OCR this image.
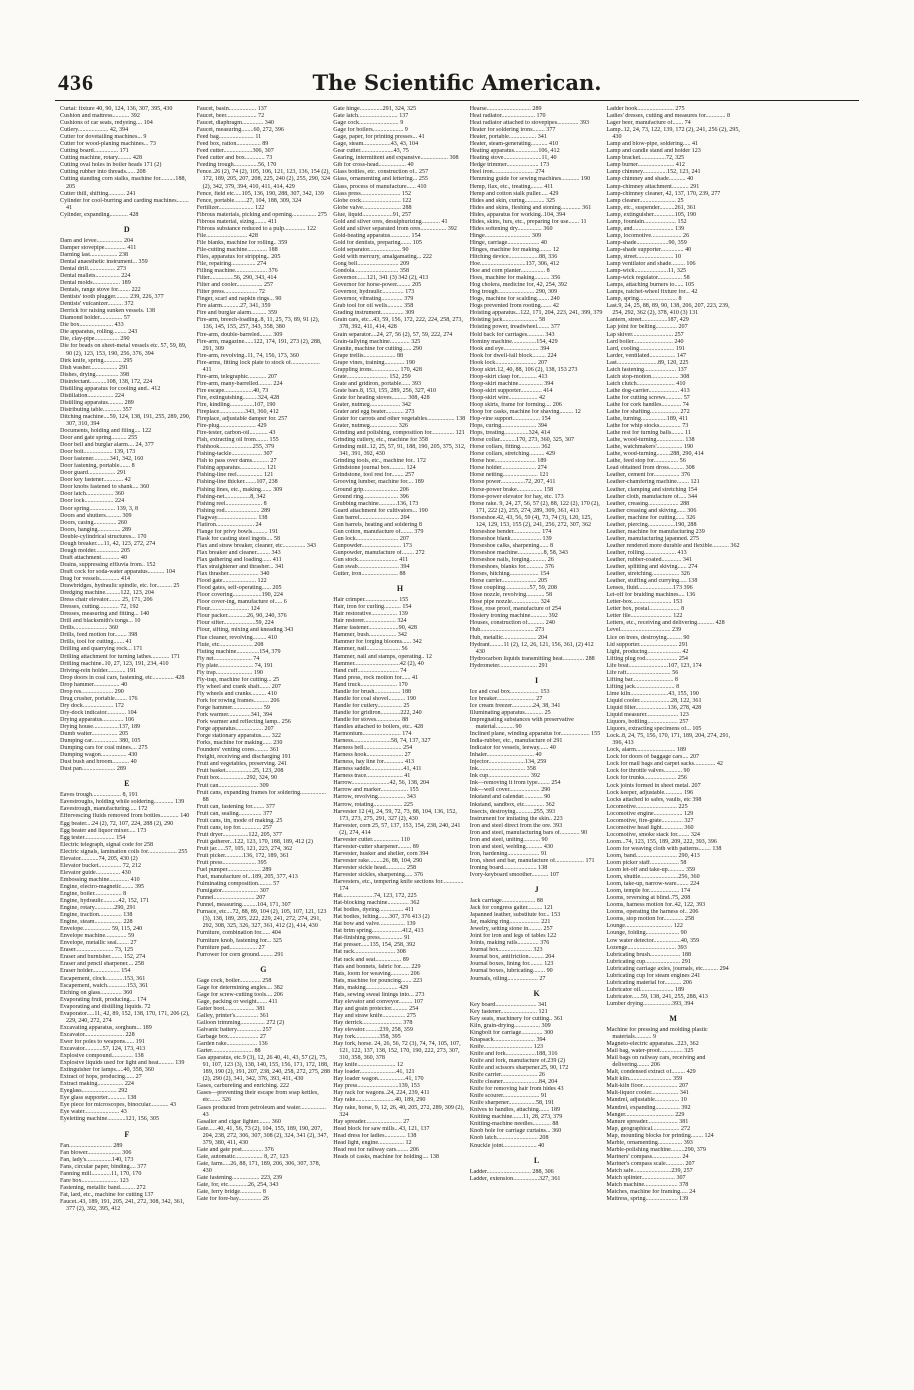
436	The Scientific American.
Curtai: fixture 40, 90, 124, 136, 307, 395, 430
Cushion and mattress........... 392
Cushions of car seats, redyeing.... 104
Cutlery.................... 42, 394
Cutter for dovetailing machines... 9
Cutter for wood-planing machines... 73
Cutting board................ 171
Cutting machine, rotary......... 428
Cutting oval holes in boiler heads 171 (2)
Cutting rubber into threads...... 208
Cutting standing corn stalks, machine for..........188, 205
Cutter thill, shifting........... 241
Cylinder for cool-burring and carding machines........ 41
Cylinder, expanding............ 428
D
Dam and levee................. 204
Damper stovepipe.............. 411
Darning last.................. 238
Dental anaesthetic instrument... 359
Dental drill.................. 273
Dental mallets................ 224
Dental molds.................. 189
Dentals, range stove for........ 222
Dentists' tooth plugger......... 239, 226, 377
Dentists' vulcanizer.......... 372
Derrick for raising sunken vessels. 138
Diamond holder............... 57
Die box...................... 433
Die apparatus, rolling......... 243
Die, clay-pipe................ 290
Die for beads on sheet-metal vessels etc. 57, 59, 89, 90 (2), 123, 153, 190, 256, 376, 394
Dirk knife, spring............ 295
Dish washer.................. 291
Dishes, drying............... 398
Disinfectant...........108, 138, 172, 224
Distilling apparatus for cooling and.. 412
Distillation................. 224
Distilling apparatus.......... 289
Distributing table............ 357
Ditching machine....59, 124, 138, 191, 255, 289, 290, 307, 310, 394
Documents, holding and filing.... 122
Door and gate spring.......... 255
Door bell and burglar alarm.... 24, 377
Door bolt................... 139, 173
Door fastener...........341, 342, 160
Door fastening, portable....... 8
Door guard.................. 291
Door key fastener............. 42
Door knobs fastened to shank.... 360
Door latch.................. 360
Door lock................... 224
Door spring................. 139, 3, 8
Doors and shutters.......... 309
Doors, casing............... 260
Doors, hanging............... 289
Double-cylindrical structures... 170
Dough breaker.....11, 42, 123, 272, 274
Dough molder................ 205
Draft attachment............ 40
Drains, suppressing effluvia from.. 152
Draft cock for soda-water apparatus........... 104
Drag for vessels............. 414
Drawbridges, hydraulic spindle, etc. for.......... 25
Dredging machine..........122, 123, 204
Dress chair elevator........ 25, 171, 206
Dresses, cutting............. 72, 192
Dresses, measuring and fitting... 140
Drill and blacksmith's tongs... 10
Drills...................... 360
Drills, feed motion for........ 398
Drills, tool for cutting....... 41
Drilling and quarrying rock... 171
Drilling attachment for turning lathes............ 171
Drilling machine..10, 27, 123, 191, 234, 410
Driving-rein holder............ 191
Drop doors in coal cars, fastening, etc.............. 428
Drop hammer................. 40
Drop res..................... 290
Drug crusher, portable........ 176
Dry dock.................... 172
Dry-dock indicator............. 104
Drying apparatus.............. 106
Drying house.................137, 189
Dumb waiter................. 205
Dumping car................. 380, 105
Dumping cars for coal mines.... 275
Dumping wagon................. 430
Dust bush and broom........... 40
Dust pan...................... 289
E
Eaves trough................... 8, 191
Eavestroughs, holding while soldering............. 139
Eavestrough, manufacturing..... 172
Effervescing fluids removed from bottles............ 140
Egg beater....24 (2), 72, 107, 224, 288 (2), 290
Egg beater and liquor mixer..... 173
Egg tester.................... 154
Electric telegraph, signal code for 258
Electric signals, lamination coils for................... 255
Elevator............74, 205, 430 (2)
Elevator bucket............... 72, 212
Elevator guide................ 430
Embossing machine............. 410
Engine, electro-magnetic........ 395
Engine, boiler.................. 8
Engine, hydraulic..........42, 152, 171
Engine, rotary.............290, 291
Engine, traction............... 138
Engine, steam.................. 228
Envelope.................. 59, 115, 240
Envelope machine.............. 59
Envelope, metallic seal........ 27
Eraser......................... 73, 125
Eraser and burnisher........ 152, 274
Eraser and pencil sharpener.... 258
Eraser holder.................. 154
Escapement, clock............153, 361
Escapement, watch.............153, 361
Etching on glass.............. 360
Evaporating fruit, producing.... 174
Evaporating and distilling liquids. 72
Evaporator.....11, 42, 89, 152, 138, 170, 171, 206 (2), 229, 240, 272, 274
Excavating apparatus, sorghum... 189
Excavator.......................... 228
Ewer for poles to weapons...... 191
Excavator............57, 124, 173, 413
Explosive compound.............. 138
Explosive liquids used for light and heat.......... 139
Extinguisher for lamps.....40, 358, 360
Extract of hops, producing...... 27
Extract making................. 224
Eyeglass....................... 292
Eye glass supporter............ 138
Eye piece for microscopes, binocular............ 43
Eye water....................... 43
Eyeletting machine............121, 156, 305
F
Fan............................ 289
Fan blower...................... 306
Fan, lady's.................140, 173
Fans, circular paper, binding.... 377
Fanning mill.............11, 170, 170
Fare box........................ 123
Fastening, metallic band.......... 272
Fat, lard, etc., machine for cutting 137
Faucet..43, 189, 191, 205, 241, 272, 308, 342, 361, 377 (2), 392, 395, 412
Faucet, basin.................. 137
Faucet, beer.................... 72
Faucet, diaphragm.............. 340
Faucet, measuring........60, 272, 396
Feed bag....................... 11
Feed box, ration................ 89
Feed cutter...................306, 307
Feed cutter and box............. 73
Feeding trough................56, 170
Fence..26 (2), 74 (2), 105, 106, 121, 123, 136, 154 (2), 172, 189, 205, 207, 208, 225, 240 (2), 255, 290, 324 (2), 342, 379, 394, 410, 411, 414, 429
Fence, field etc.....105, 136, 190, 288, 307, 342, 139
Fence, portable........27, 104, 188, 309, 324
Fertilizer....................... 122
Fibrous materials, picking and opening................ 275
Fibrous material, sizing........ 411
Fibrous substance reduced to a pulp.............. 122
File........................... 428
File blanks, machine for rolling.. 359
File-cutting machine............. 188
Files, apparatus for stripping.. 205
File, repairing................ 274
Filling machine..................... 376
Filter................56, 290, 343, 414
Filter and cooler................. 257
Filter press...................... 72
Finger, scarf and napkin rings... 90
Fire alarm............27, 341, 359
Fire and burglar alarm.......... 359
Fire-arm, breech-loading..8, 11, 25, 73, 89, 91 (2), 136, 145, 155, 257, 343, 358, 380
Fire-arm, double-barreled........ 309
Fire-arm, magazine......122, 174, 191, 273 (2), 288, 291, 309
Fire-arm, revolving..11, 74, 156, 173, 360
Fire-arms, fitting lock plate to stock of................... 411
Fire-arm, telegraphic............ 207
Fire-arm, many-barrelled......... 224
Fire escape...................40, 73
Fire, extinguishing..........324, 428
Fire, kindling................107, 190
Fireplace.................343, 360, 412
Fireplace, adjustable damper for. 257
Fire-plug........................ 429
Fire-tester, carbon-oil............ 43
Fish, extracting oil from........ 155
Fishhook......................255, 379
Fishing-tackle.................... 307
Fish to pass over dams........... 27
Fishing apparatus................. 121
Fishing-line reel................. 121
Fishing-line thicker........107, 238
Fishing lines, etc., making....... 309
Fishing-net.................8, 342
Fishing reel........................ 8
Fishing rod....................... 289
Flagway.......................... 138
Flatiron......................... 24
Flange for privy bowls.......... 191
Flask for casting steel ingots.... 58
Flax and straw breaker, cleaner, etc............... 343
Flax breaker and cleaner......... 343
Flax gathering and loading...... 411
Flax straightener and thrasher... 341
Flax thrasher.................... 340
Flood gate...................... 122
Flood gates, self-operating...... 205
Floor covering...................190, 224
Floor cover-ing, manufacture of..... 6
Flour.......................... 124
Flour packer.............26, 90, 240, 376
Flour sifter.....................59, 224
Flour, sifting, mixing and kneading 343
Flue cleaner, revolving......... 410
Flute, etc...................... 208
Fluting machine...............154, 379
Fly net......................... 74
Fly plate....................... 74, 191
Fly trap........................ 190
Fly-trap, machine for cutting... 25
Fly wheel and crank shaft....... 207
Fly wheels and cranks.......... 410
Fork for rowing frames.......... 206
Forge hammer.................... 59
Fork warmer...............341, 394
Fork warmer and reflecting lamp.. 256
Forge apparatus.................. 207
Forge stationary apparatus...... 322
Forks, machine for making...... 230
Founders' venting cores......... 361
Freight, receiving and discharging 191
Fruit and vegetables, preserving. 241
Fruit basket..................25, 123, 208
Fruit box..................292, 324, 90
Fruit can.......................... 309
Fruit cans, expanding frames for soldering................. 88
Fruit can, fastening for........ 377
Fruit can, sealing............... 377
Fruit cans, tin, mode of making. 25
Fruit cans, top for.............. 257
Fruit dryer.................122, 205, 377
Fruit gatherer...122, 123, 170, 188, 189, 412 (2)
Fruit jar......57, 105, 121, 223, 274, 362
Fruit picker............136, 172, 189, 361
Fruit press...................... 395
Fuel pumper...................... 289
Fuel, manufacture of...189, 205, 377, 413
Fulminating composition......... 57
Fumigator........................ 307
Funnel........................... 207
Funnel, measuring..........104, 171, 307
Furnace, etc....72, 88, 89, 104 (2), 105, 107, 121, 123 (3), 138, 189, 205, 222, 229, 241, 272, 274, 291, 292, 308, 325, 326, 327, 361, 412 (2), 414, 430
Furniture, combination for...... 404
Furniture knob, fastening for... 325
Furniture pad.................. 27
Furrower for corn ground......... 291
G
Gage cock, boiler.............. 258
Gage for determining angles.... 382
Gage for screw-cutting tools.... 206
Gage, packing or weight....... 411
Gaiter boot.................... 381
Galley, printer's............... 361
Galloon trimming................ 272 (2)
Galvanic battery................ 257
Garbage box.................... 27
Garden rake.................... 136
Garter........................... 88
Gas apparatus, etc.9 (3), 12, 26 40, 41, 43, 57 (2), 75, 91, 107, 123 (3), 138, 140, 155, 156, 171, 172, 188, 189, 190 (2), 191, 207, 238, 240, 258, 272, 275, 288 (2), 290 (2), 341, 342, 376, 393, 411, 430
Gases, carbureting and enriching. 222
Gases—preventing their escape from soap kettles, etc....... 326
Gases produced from petroleum and water................. 43
Gasalier and cigar lighter........ 360
Gate......40, 41, 56, 73 (2), 104, 155, 189, 190, 207, 204, 238, 272, 306, 307, 308 (2), 324, 341 (2), 347, 379, 380, 411, 430
Gate and gate post.............. 376
Gate, automatic.................. 8, 27, 123
Gate, farm.....26, 88, 171, 189, 206, 306, 307, 378, 430
Gate fastening.................. 223, 239
Gate, for, etc.............26, 254, 343
Gate, ferry bridge.............. 8
Gate for fore-bay............... 26
Gate hinge...............291, 324, 325
Gate latch.......................... 137
Gage cock.......................... 9
Gage for boilers.................... 9
Gage, paper, for printing presses... 41
Gage, steam..................43, 43, 104
Gear cutter......................43, 75
Gearing, intermittent and expansive.................. 308
Gib for cross-head.................. 40
Glass bottles, etc. construction of.. 257
Glass, ornamenting and lettering... 255
Glass, process of manufacture...... 410
Glass press.......................... 152
Globe cock.......................... 122
Globe valve......................... 288
Glue, liquid....................91, 257
Gold and silver ores, desulphurizing............ 41
Gold and silver separated from ores................. 392
Gold-beating apparatus............. 154
Gold for dentists, preparing....... 105
Gold separator..................... 90
Gold with mercury, amalgamating... 222
Gong bell........................... 209
Gondola............................. 358
Governor.......121, 341 (3) 342 (2), 413
Governor for horse-power......... 205
Governor, hydraulic.............. 173
Governor, vibrating.............. 379
Grab tool for oil wells.......... 358
Grading instrument............... 309
Grain cars, etc...43, 59, 156, 172, 222, 224, 258, 273, 378, 392, 411, 414, 428
Grain separator....24, 27, 56 (2), 57, 59, 222, 274
Grain-tallying machine............. 325
Granite, machine for cutting...... 290
Grape trellis..................... 88
Grape vines, training............. 190
Grappling irons.................. 170, 428
Grate........................... 152, 259
Grate and gridiron, portable...... 393
Grate bars.8, 153, 155, 289, 256, 327, 410
Grate for heating stoves.......... 308, 428
Grater, nutmeg.................... 342
Grater and egg beater............ 273
Grater for carrots and other vegetables.................. 138
Grater, nutmeg.................. 326
Grinding and polishing, composition for............... 121
Grinding cutlery, etc., machine for 358
Grinding mill..12, 25, 57, 91, 188, 190, 205, 375, 312, 341, 391, 392, 430
Grinding tools, etc., machine for.. 172
Grindstone journal box.......... 124
Grindstone, tool rest for........ 257
Grooving lumber, machine for.... 189
Ground grip....................... 206
Ground ring....................... 396
Grubbing machine............136, 173
Guard attachment for cultivators... 190
Gun barrel.......................... 204
Gun barrels, heating and soldering 8
Gun cotton, manufacture of........ 379
Gun lock............................ 207
Gunpowder.......................... 173
Gunpowder, manufacture of........ 272
Gun stock.......................... 411
Gun swab........................... 394
Gutter, iron........................ 88
H
Hair crimper...................... 155
Hair, iron for curling........... 154
Hair restorative................. 139
Hair restorer..................... 324
Hame fastener....................90, 428
Hammer, bush.................. 342
Hammer for forging blooms...... 342
Hammer, nail...................... 56
Hammer, nail and stamps, operating.. 12
Hammer..............................42 (2), 40
Hand cuff........................... 74
Hand press, rock motion for...... 41
Hand truck........................ 170
Handle for brush................. 188
Handle for coal shovel........... 190
Handle for cutlery................ 25
Handle for gridiron.............222, 240
Handle for stoves................ 88
Handles attached to boilers, etc.. 428
Harmonium......................... 174
Harness.........................58, 74, 137, 327
Harness bell......................... 254
Harness hook........................ 27
Harness, hay line for............. 413
Harness saddle......................41, 411
Harness trace........................ 41
Harrow.........................42, 56, 138, 204
Harrow and marker.................. 155
Harrow, revolving.................. 343
Harrow, rotating................... 225
Harvester 12 (4), 24, 59, 72, 73, 88, 104, 136, 152, 173, 273, 275, 291, 327 (2), 430
Harvester, corn 25, 57, 137, 153, 154, 238, 240, 241 (2), 274, 414
Harvester cutter.................. 110
Harvester-cutter sharpener......... 89
Harvester, husker and sheller, corn 394
Harvester rake.........26, 88, 104, 290
Harvester sickle head............. 258
Harvester sickles, sharpening..... 376
Harvesters, etc., tempering knife sections for.............. 174
Hat.....................74, 123, 172, 225
Hat-blocking machine.............. 362
Hat bodies, dyeing................ 411
Hat bodies, felting.......307, 376 413 (2)
Hat bow and valve................. 139
Hat brim spring....................412, 413
Hat-finishing press............... 91
Hat presser......135, 154, 258, 392
Hat rack........................... 308
Hat rack and seat................. 89
Hats and bonnets, fabric for...... 229
Hats, loom for weaving............ 206
Hats, machine for pouncing....... 223
Hats, making..................... 429
Hats, sewing sweat linings into... 273
Hay elevator and conveyor......... 107
Hay and grain protector........... 254
Hay and straw knife............... 275
Hay derrick.......................... 378
Hay elevator..........239, 258, 359
Hay fork................358, 395
Hay fork, horse. 24, 26, 56, 72 (3), 74, 74, 105, 107, 121, 122, 137, 138, 152, 170, 190, 222, 273, 307, 310, 358, 360, 378
Hay knife......................... 12
Hay loader........................41, 121
Hay loader wagon..................41, 170
Hay press...........................139, 153
Hay rack for wagons..24, 224, 239, 411
Hay rake..........................40, 189, 290
Hay rake, horse, 9, 12, 26, 40, 205, 272, 289, 309 (2), 324
Hay spreader........................ 27
Head block for saw mills...43, 121, 137
Head dress for ladies.............. 138
Head light, engine................. 12
Head rest for railway cars........ 206
Heads of casks, machine for holding.... 138
Hearse............................. 289
Heat radiator...................... 170
Heat radiator attached to stovepipes.............. 393
Heater for soldering irons........ 377
Heater, portable.................. 341
Heater, steam-generating........... 410
Heating apparatus................106, 412
Heating stove.........................11, 40
Hedge trimmer..................... 173
Heel iron........................... 274
Hemming guide for sewing machines............ 190
Hemp, flax, etc., treating........ 411
Hemp and cotton stalk puller..... 429
Hides and skin, curing............. 325
Hides and skins, fleshing and stoning............. 361
Hides, apparatus for working..104, 394
Hides, skins, furs, etc., preparing for use....... 11
Hides softening dry................ 360
Hinge.............................. 309
Hinge, carriage..................... 40
Hinges, machine for making........ 12
Hitching device....................88, 336
Hoe..............................137, 306, 412
Hoe and corn planter................ 8
Hoes, machine for making.......... 356
Hog cholera, medicine for, 42, 254, 392
Hog trough........................ 290, 309
Hogs, machine for scalding........ 240
Hogs prevented from rooting....... 42
Hoisting apparatus...122, 171, 204, 223, 241, 399, 379
Hoisting jack....................... 58
Hoisting power, treadwheel........ 377
Hold back for carriages........... 343
Hominy machine................154, 429
Hook and eye....................... 394
Hook for dwell-fall block......... 224
Hook lock........................... 207
Hoop skirt.12, 40, 88, 106 (2), 138, 153 273
Hoop-skirt clasp for............ 413
Hoop-skirt machine................ 394
Hoop-skirt supporter.............. 414
Hoop-skirt wire................... 42
Hoop skirts, frame for forming.... 206
Hoop for casks, machine for shaving......... 12
Hop-vine support.................. 154
Hops, curing....................... 394
Hops, treating................324, 414
Horse collar...........170, 273, 360, 325, 307
Horse collars, fitting............. 362
Horse collars, stretching.......... 429
Horse hoe........................... 189
Horse holder....................... 274
Horse netting....................... 121
Horse power................72, 207, 411
Horse-power brake................. 158
Horse-power elevator for hay, etc. 173
Horse rake. 9, 24, 27, 56, 57 (2), 88, 122 (2), 170 (2), 171, 222 (2), 255, 274, 289, 309, 361, 413
Horseshoe.42, 43, 56, 59 (4), 73, 74 (3), 120, 125, 124, 129, 153, 155 (2), 241, 256, 272, 307, 362
Horseshoe bender.................. 174
Horseshoe blank.................... 139
Horseshoe calks, sharpening...... 8
Horseshoe machine.................8, 58, 343
Horseshoe nails, forging........... 26
Horseshoes, blanks for............ 376
Horses, hitching................... 154
Horse carrier....................... 205
Hose coupling................57, 59, 208
Hose nozzle, revolving............ 58
Hose pipe nozzle.................. 324
Hose, rose proof, manufacture of 254
Hosiery ironing machine........... 392
Houses, construction of........... 240
Hub................................... 273
Hub, metallic...................... 204
Hydrant.........11 (2), 12, 26, 121, 156, 361, (2) 412 430
Hydrocarbon liquids transmitting heat.............. 288
Hydrometer......................... 291
I
Ice and coal box................... 153
Ice breaker......................... 27
Ice cream freezer..............24, 38, 341
Illuminating apparatus............ 25
Impregnating substances with preservative material............ 90
Inclined plane, winding apparatus for................... 155
India-rubber, etc., manufacture of 291
Indicator for vessels, leeway...... 40
Inhaler............................... 40
Injector........................134, 259
Ink............................... 358
Ink cup........................... 392
Ink—removing it from type........ 254
Ink—well cover.................... 290
Inkstand and calendar............. 90
Inkstand, sandbox, etc............. 362
Insects, destroying............255, 393
Instrument for imitating the skin.. 223
Iron and steel direct from the ore. 393
Iron and steel, manufacturing bars of............. 90
Iron and steel, uniting........... 90
Iron and steel, welding........... 430
Iron, hardening..................... 91
Iron, sheet and bar, manufacture of................... 171
Ironing board...................... 138
Ivory-keyboard smoother........... 107
J
Jack carriage...................... 88
Jack for congress gaiter.......... 121
Japanned leather, substitute for... 153
Jar, making ring.................... 221
Jewelry, setting stone in......... 257
Joint for iron and legs of tables 122
Joints, making rails.............. 376
Journal box...................... 323
Journal box, antifriction.......... 204
Journal boxes, lining for......... 123
Journal boxes, lubricating........ 90
Journals, oiling.................... 27
K
Key board........................... 341
Key fastener........................ 121
Key seats, machinery for cutting.. 361
Kiln, grain-drying................. 309
Kingbolt for carriage.............. 300
Knapsack........................... 394
Knife................................ 123
Knife and fork....................188, 316
Knife and fork, manufacture of.239 (2)
Knife and scissors sharpener.25, 90, 172
Knife carrier........................ 26
Knife cleaner........................84, 204
Knife for removing hair from hides 43
Knife scourer........................ 91
Knife sharpener..................58, 191
Knives to handles, attaching....... 189
Knitting machine.......11, 28, 273, 379
Knitting-machine needles............ 88
Knob hole for carriage curtains... 360
Knob latch........................... 208
Knuckle joint...................... 40
L
Ladder............................. 288, 306
Ladder, extension.................327, 361
Ladder hook........................ 275
Ladies' dresses, cutting and measures for............. 8
Lager beer, manufacture of....... 74
Lamp..12, 24, 73, 122, 139, 172 (2), 241, 256 (2), 295, 430
Lamp and blow-pipe, soldering..... 41
Lamp and candle stand and holder 123
Lamp bracket.................72, 325
Lamp burner........................ 412
Lamp chimney................152, 123, 241
Lamp chimney and shade........... 40
Lamp-chimney attachment........... 291
Lamp-chimney cleaner, 42, 137, 170, 239, 277
Lamp cleaner........................ 25
Lamp, etc., suspender..........261, 361
Lamp, extinguisher..............105, 190
Lamp, fountain..................... 152
Lamp, and........................... 139
Lamp, locomotive.................... 26
Lamp-shade.....................90, 359
Lamp-shade supporter............... 40
Lamp, street........................ 10
Lamp ventilator and shade......... 106
Lamp-wick......................11, 325
Lamp-wick regulator................ 58
Lamps, attaching burners to...... 105
Lamps, ratchet-wheel fixture for... 42
Lamp, spring......................... 8
Last.9, 24, 25, 88, 89, 90, 138, 206, 207, 223, 239, 254, 292, 362 (2), 378, 410 (3) 131
Lantern, street.................187, 429
Lap joint for belting.............. 207
Lap skiver........................... 257
Lard boiler.......................... 240
Lard, cooling....................... 191
Larder, ventilated................. 147
Last...........................89, 120, 225
Latch fastening..................... 137
Latch stop-motion.................. 308
Latch clutch......................... 410
Lathe dog-carrier.................... 413
Lathe for cutting screws........... 57
Lathe for cork handles............. 74
Lathe for shafting................... 272
Lathe, turning.................189, 411
Lathe for whip stocks.............. 73
Lathe rest for turning balls........ 11
Lathe, wood-turning.................. 138
Lathe, watchmakers'................. 190
Lathe, wood-turning.........288, 290, 414
Lathe, feed stop for................ 56
Lead obtained from dross.......... 308
Leather, cement for................. 376
Leather-chamfering machine........ 121
Leather, clamping and stretching 154
Leather cloth, manufacture of..... 344
Leather, creasing.................... 288
Leather creasing and skiving...... 306
Leather, machine for cutting...... 326
Leather, piercing..................190, 288
Leather, machine for manufacturing 239
Leather, manufacturing japanned. 275
Leather rendered more durable and flexible........... 362
Leather, rolling..................... 413
Leather, rubber-coated............. 341
Leather, splitting and skiving...... 274
Leather, stretching.................. 326
Leather, stuffing and currying..... 138
Lenses, fluid.......................173 396
Let-off for braiding machines.... 136
Letter-box.......................... 153
Letter box, postal.................... 8
Letter file........................... 122
Letters, etc., receiving and delivering........... 428
Level................................. 239
Lice on trees, destroying.......... 90
Lid supporter......................... 291
Light, producing...................... 42
Lifting plug rod..................... 254
Life boat..........................107, 123, 174
Life raft............................. 56
Lifting bar........................... 8
Lifting jack.......................... 8
Lime kiln.........................43, 155, 190
Liquid cooler.....................28, 122, 361
Liquid filter.....................136, 278, 428
Liquid measurer..................... 123
Liquors, bottling.................... 257
Liquors, extracting specimens of... 105
Lock..8, 24, 75, 156, 170, 171, 189, 204, 274, 291, 396, 413
Lock, alarm.......................... 189
Lock for doors of baggage cars.... 207
Lock for mail bags and carpet sacks.............. 42
Lock for throttle valves............ 90
Lock for trunks..................... 256
Lock joints formed in sheet metal. 207
Lock keeper, adjustable............ 196
Locks attached to safes, vaults, etc 398
Locomotive........................... 225
Locomotive engine................... 129
Locomotive, fire-grate.............. 327
Locomotive head light.............. 360
Locomotive, smoke stack for........ 324
Loom...74, 123, 155, 189, 209, 222, 393, 396
Loom for weaving cloth with patterns........ 138
Loom, band........................... 290, 413
Loom picker staff................... 58
Loom let-off and take-up........... 359
Loom, shuttle.........................256, 360
Loom, take-up, narrow-ware........ 224
Loom, temple for.................... 174
Looms, reversing at blind..75, 208
Looms, harness motion for..42, 122, 393
Looms, operating the harness of.. 206
Looms, stop motion for............. 258
Lounge............................... 122
Lounge, folding...................... 90
Low water detector..................40, 359
Lozenge................................ 393
Lubricating brush.................... 188
Lubricating cup....................... 291
Lubricating carriage axles, journals, etc.......... 294
Lubricating cup for steam engines 241
Lubricating material for........... 206
Lubricator oil...................... 189
Lubricator......59, 138, 241, 255, 288, 413
Lumber drying...................393, 394
M
Machine for pressing and molding plastic materials........... 9
Magneto-electric apparatus...223, 362
Mail bag, water-proof............... 325
Mail bags on railway cars, receiving and delivering........ 206
Malt, condensed extract of......... 429
Malt kiln............................ 359
Malt-kiln floor....................... 207
Malt-liquor cooler.................. 341
Mandrel, adjustable................ 10
Mandrel, expanding................ 392
Manger................................ 229
Manure spreader.................... 381
Map, geographical.................. 272
Map, mounting blocks for printing........ 124
Marble, ornamenting................ 393
Marble-polishing machine.........290, 379
Mariners' compass................... 24
Mariner's compass scale............ 207
Match safe.........................239, 257
Match splinter...................... 307
Match machine...................... 378
Matches, machine for framing..... 24
Mattress, spring..................... 139
